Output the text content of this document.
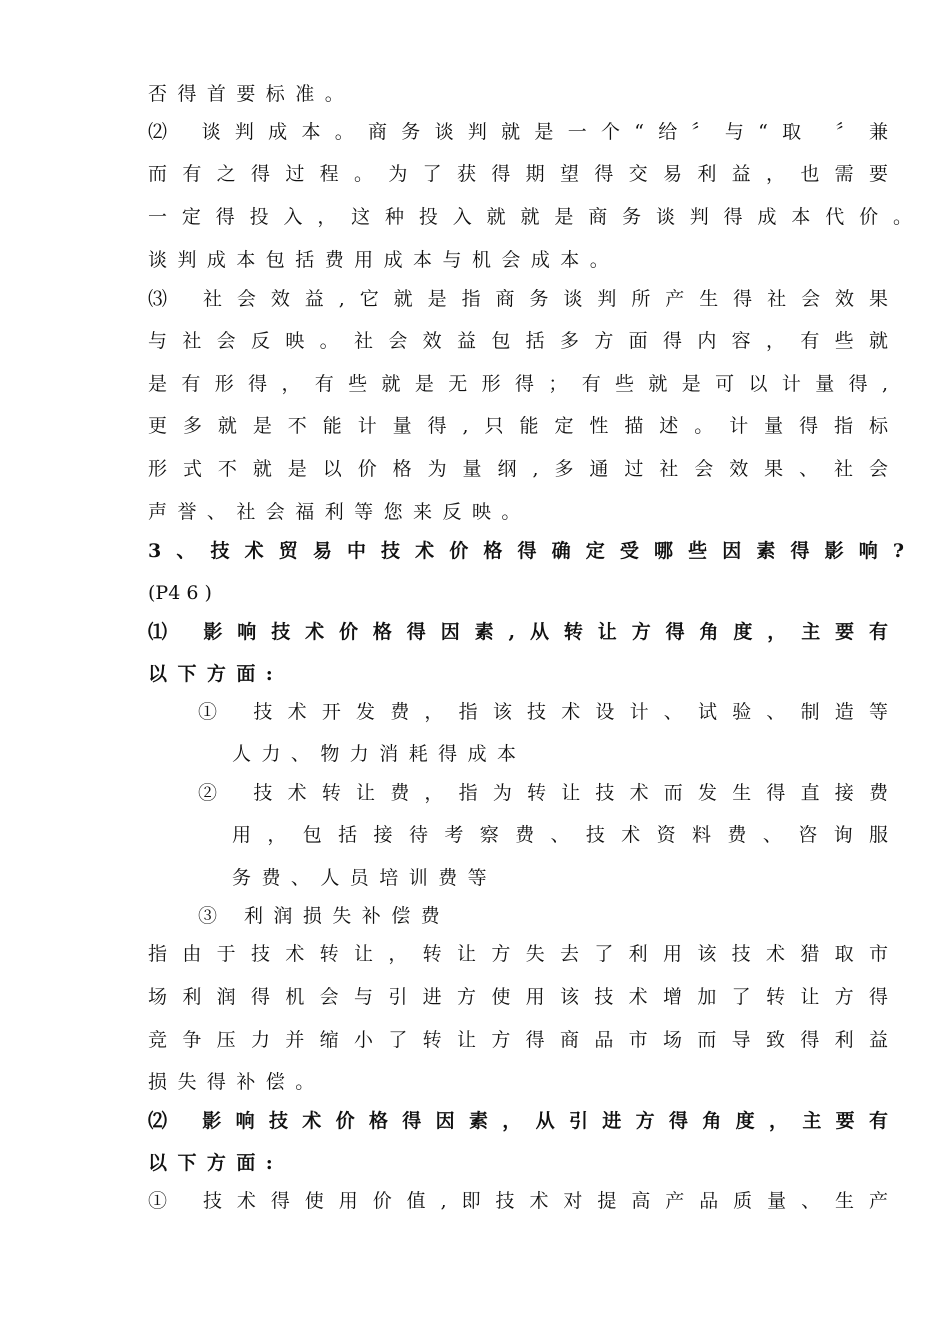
否得首要标准。
⑵ 谈判成本。商务谈判就是一个“给〞与“取 〞兼
而有之得过程。为了获得期望得交易利益，也需要
一定得投入，这种投入就就是商务谈判得成本代价。
谈判成本包括费用成本与机会成本。
⑶ 社会效益,它就是指商务谈判所产生得社会效果
与社会反映。社会效益包括多方面得内容，有些就
是有形得，有些就是无形得；有些就是可以计量得,
更多就是不能计量得,只能定性描述。计量得指标
形式不就是以价格为量纲,多通过社会效果、社会
声誉、社会福利等您来反映。
3、技术贸易中技术价格得确定受哪些因素得影响?
(P4 6 )
⑴ 影响技术价格得因素,从转让方得角度，主要有
以下方面:
① 技术开发费，指该技术设计、试验、制造等
人力、物力消耗得成本
② 技术转让费，指为转让技术而发生得直接费
用，包括接待考察费、技术资料费、咨询服
务费、人员培训费等
③ 利润损失补偿费
指由于技术转让，转让方失去了利用该技术猎取市
场利润得机会与引进方使用该技术增加了转让方得
竞争压力并缩小了转让方得商品市场而导致得利益
损失得补偿。
⑵ 影响技术价格得因素，从引进方得角度，主要有
以下方面:
① 技术得使用价值,即技术对提高产品质量、生产
